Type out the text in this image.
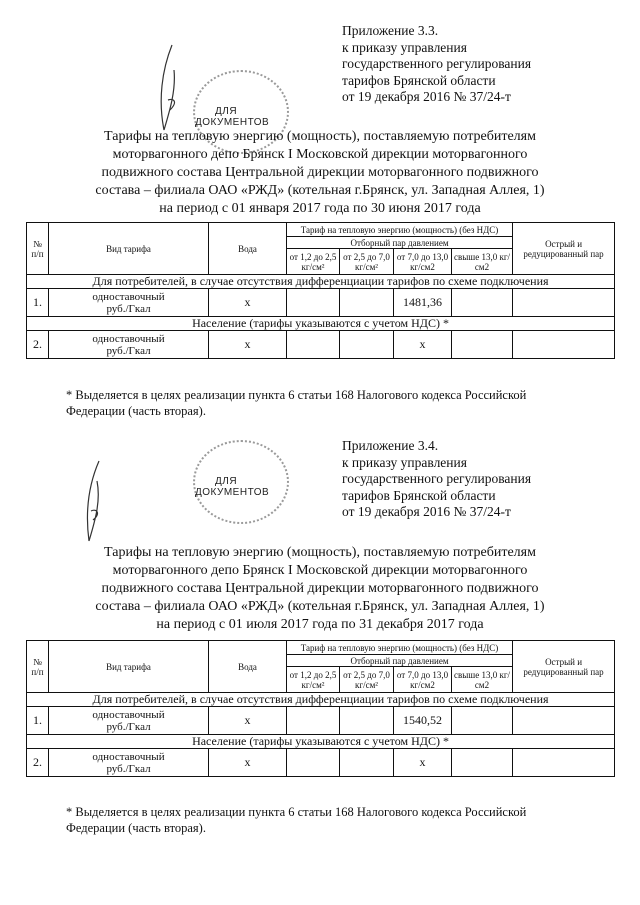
ДЛЯ
ДОКУМЕНТОВ
Приложение 3.3.
к приказу управления
государственного регулирования
тарифов Брянской области
от 19 декабря 2016 № 37/24-т
Тарифы на тепловую энергию (мощность), поставляемую потребителям
моторвагонного депо Брянск I Московской дирекции моторвагонного
подвижного состава Центральной дирекции моторвагонного подвижного
состава – филиала ОАО «РЖД» (котельная г.Брянск, ул. Западная Аллея, 1)
на период с 01 января 2017 года по 30 июня 2017 года
№ п/п	Вид тарифа	Вода	Тариф на тепловую энергию (мощность) (без НДС)				Острый и редуцированный пар
			Отборный пар давлением				
			от 1,2 до 2,5 кг/см²	от 2,5 до 7,0 кг/см²	от 7,0 до 13,0 кг/см2	свыше 13,0 кг/см2	
Для потребителей, в случае отсутствия дифференциации тарифов по схеме подключения							
1.	одноставочный
руб./Гкал	x			1481,36		
Население (тарифы указываются с учетом НДС) *							
2.	одноставочный
руб./Гкал	x			x		
* Выделяется в целях реализации пункта 6 статьи 168 Налогового кодекса Российской
Федерации (часть вторая).
ДЛЯ
ДОКУМЕНТОВ
Приложение 3.4.
к приказу управления
государственного регулирования
тарифов Брянской области
от 19 декабря 2016 № 37/24-т
Тарифы на тепловую энергию (мощность), поставляемую потребителям
моторвагонного депо Брянск I Московской дирекции моторвагонного
подвижного состава Центральной дирекции моторвагонного подвижного
состава – филиала ОАО «РЖД» (котельная г.Брянск, ул. Западная Аллея, 1)
на период с 01 июля 2017 года по 31 декабря 2017 года
№ п/п	Вид тарифа	Вода	Тариф на тепловую энергию (мощность) (без НДС)				Острый и редуцированный пар
			Отборный пар давлением				
			от 1,2 до 2,5 кг/см²	от 2,5 до 7,0 кг/см²	от 7,0 до 13,0 кг/см2	свыше 13,0 кг/см2	
Для потребителей, в случае отсутствия дифференциации тарифов по схеме подключения							
1.	одноставочный
руб./Гкал	x			1540,52		
Население (тарифы указываются с учетом НДС) *							
2.	одноставочный
руб./Гкал	x			x		
* Выделяется в целях реализации пункта 6 статьи 168 Налогового кодекса Российской
Федерации (часть вторая).
